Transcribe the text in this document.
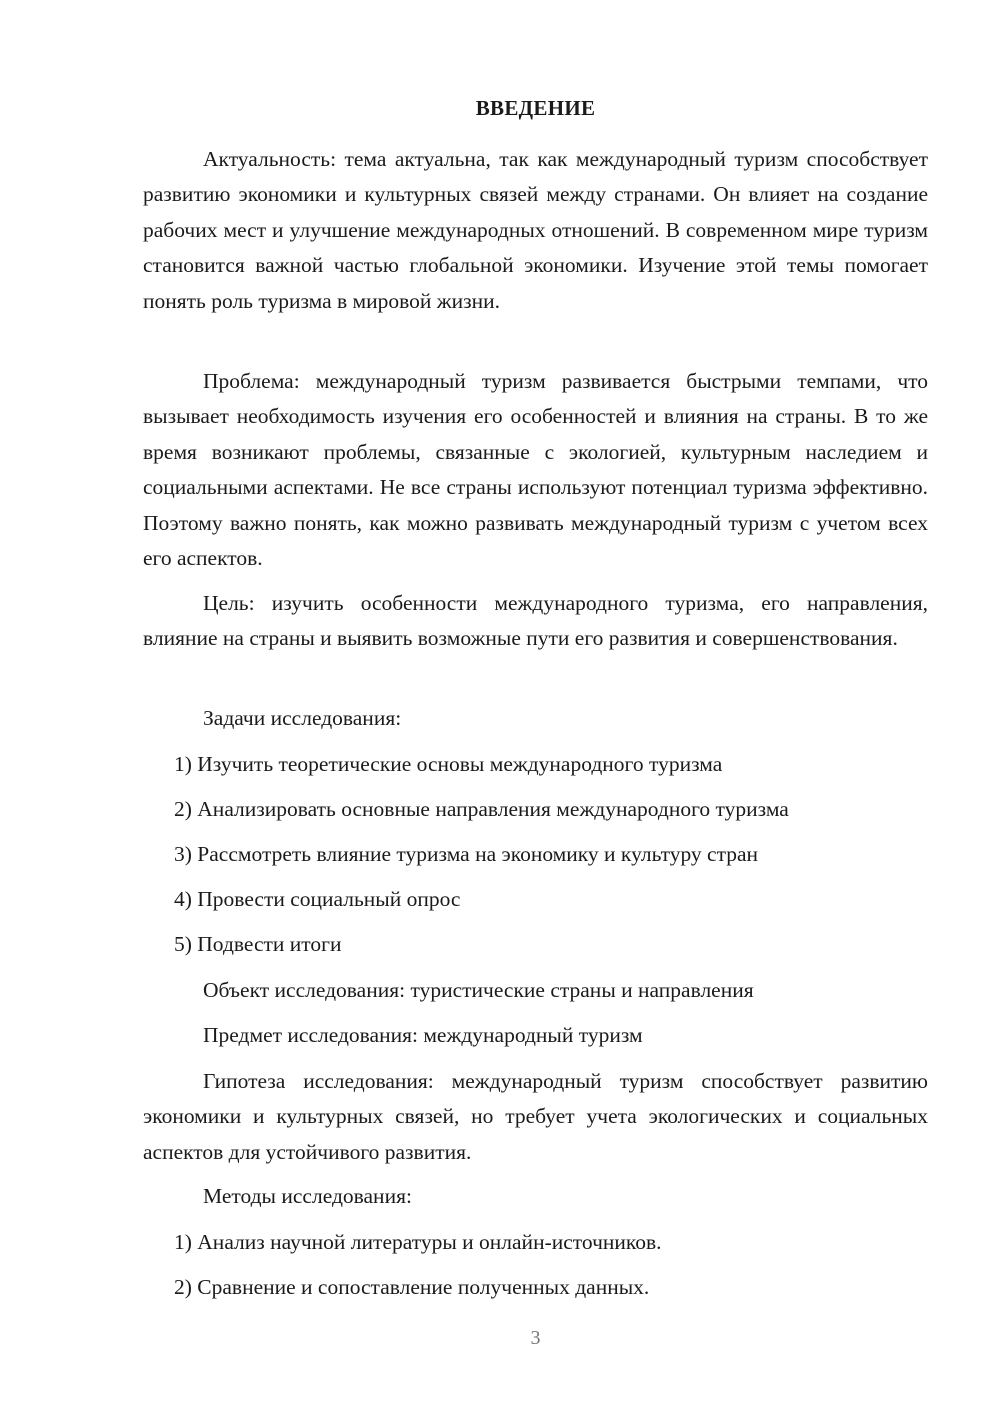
ВВЕДЕНИЕ
Актуальность: тема актуальна, так как международный туризм способствует развитию экономики и культурных связей между странами. Он влияет на создание рабочих мест и улучшение международных отношений. В современном мире туризм становится важной частью глобальной экономики. Изучение этой темы помогает понять роль туризма в мировой жизни.
Проблема: международный туризм развивается быстрыми темпами, что вызывает необходимость изучения его особенностей и влияния на страны. В то же время возникают проблемы, связанные с экологией, культурным наследием и социальными аспектами. Не все страны используют потенциал туризма эффективно. Поэтому важно понять, как можно развивать международный туризм с учетом всех его аспектов.
Цель: изучить особенности международного туризма, его направления, влияние на страны и выявить возможные пути его развития и совершенствования.
Задачи исследования:
1) Изучить теоретические основы международного туризма
2) Анализировать основные направления международного туризма
3) Рассмотреть влияние туризма на экономику и культуру стран
4) Провести социальный опрос
5) Подвести итоги
Объект исследования: туристические страны и направления
Предмет исследования: международный туризм
Гипотеза исследования: международный туризм способствует развитию экономики и культурных связей, но требует учета экологических и социальных аспектов для устойчивого развития.
Методы исследования:
1) Анализ научной литературы и онлайн-источников.
2) Сравнение и сопоставление полученных данных.
3
